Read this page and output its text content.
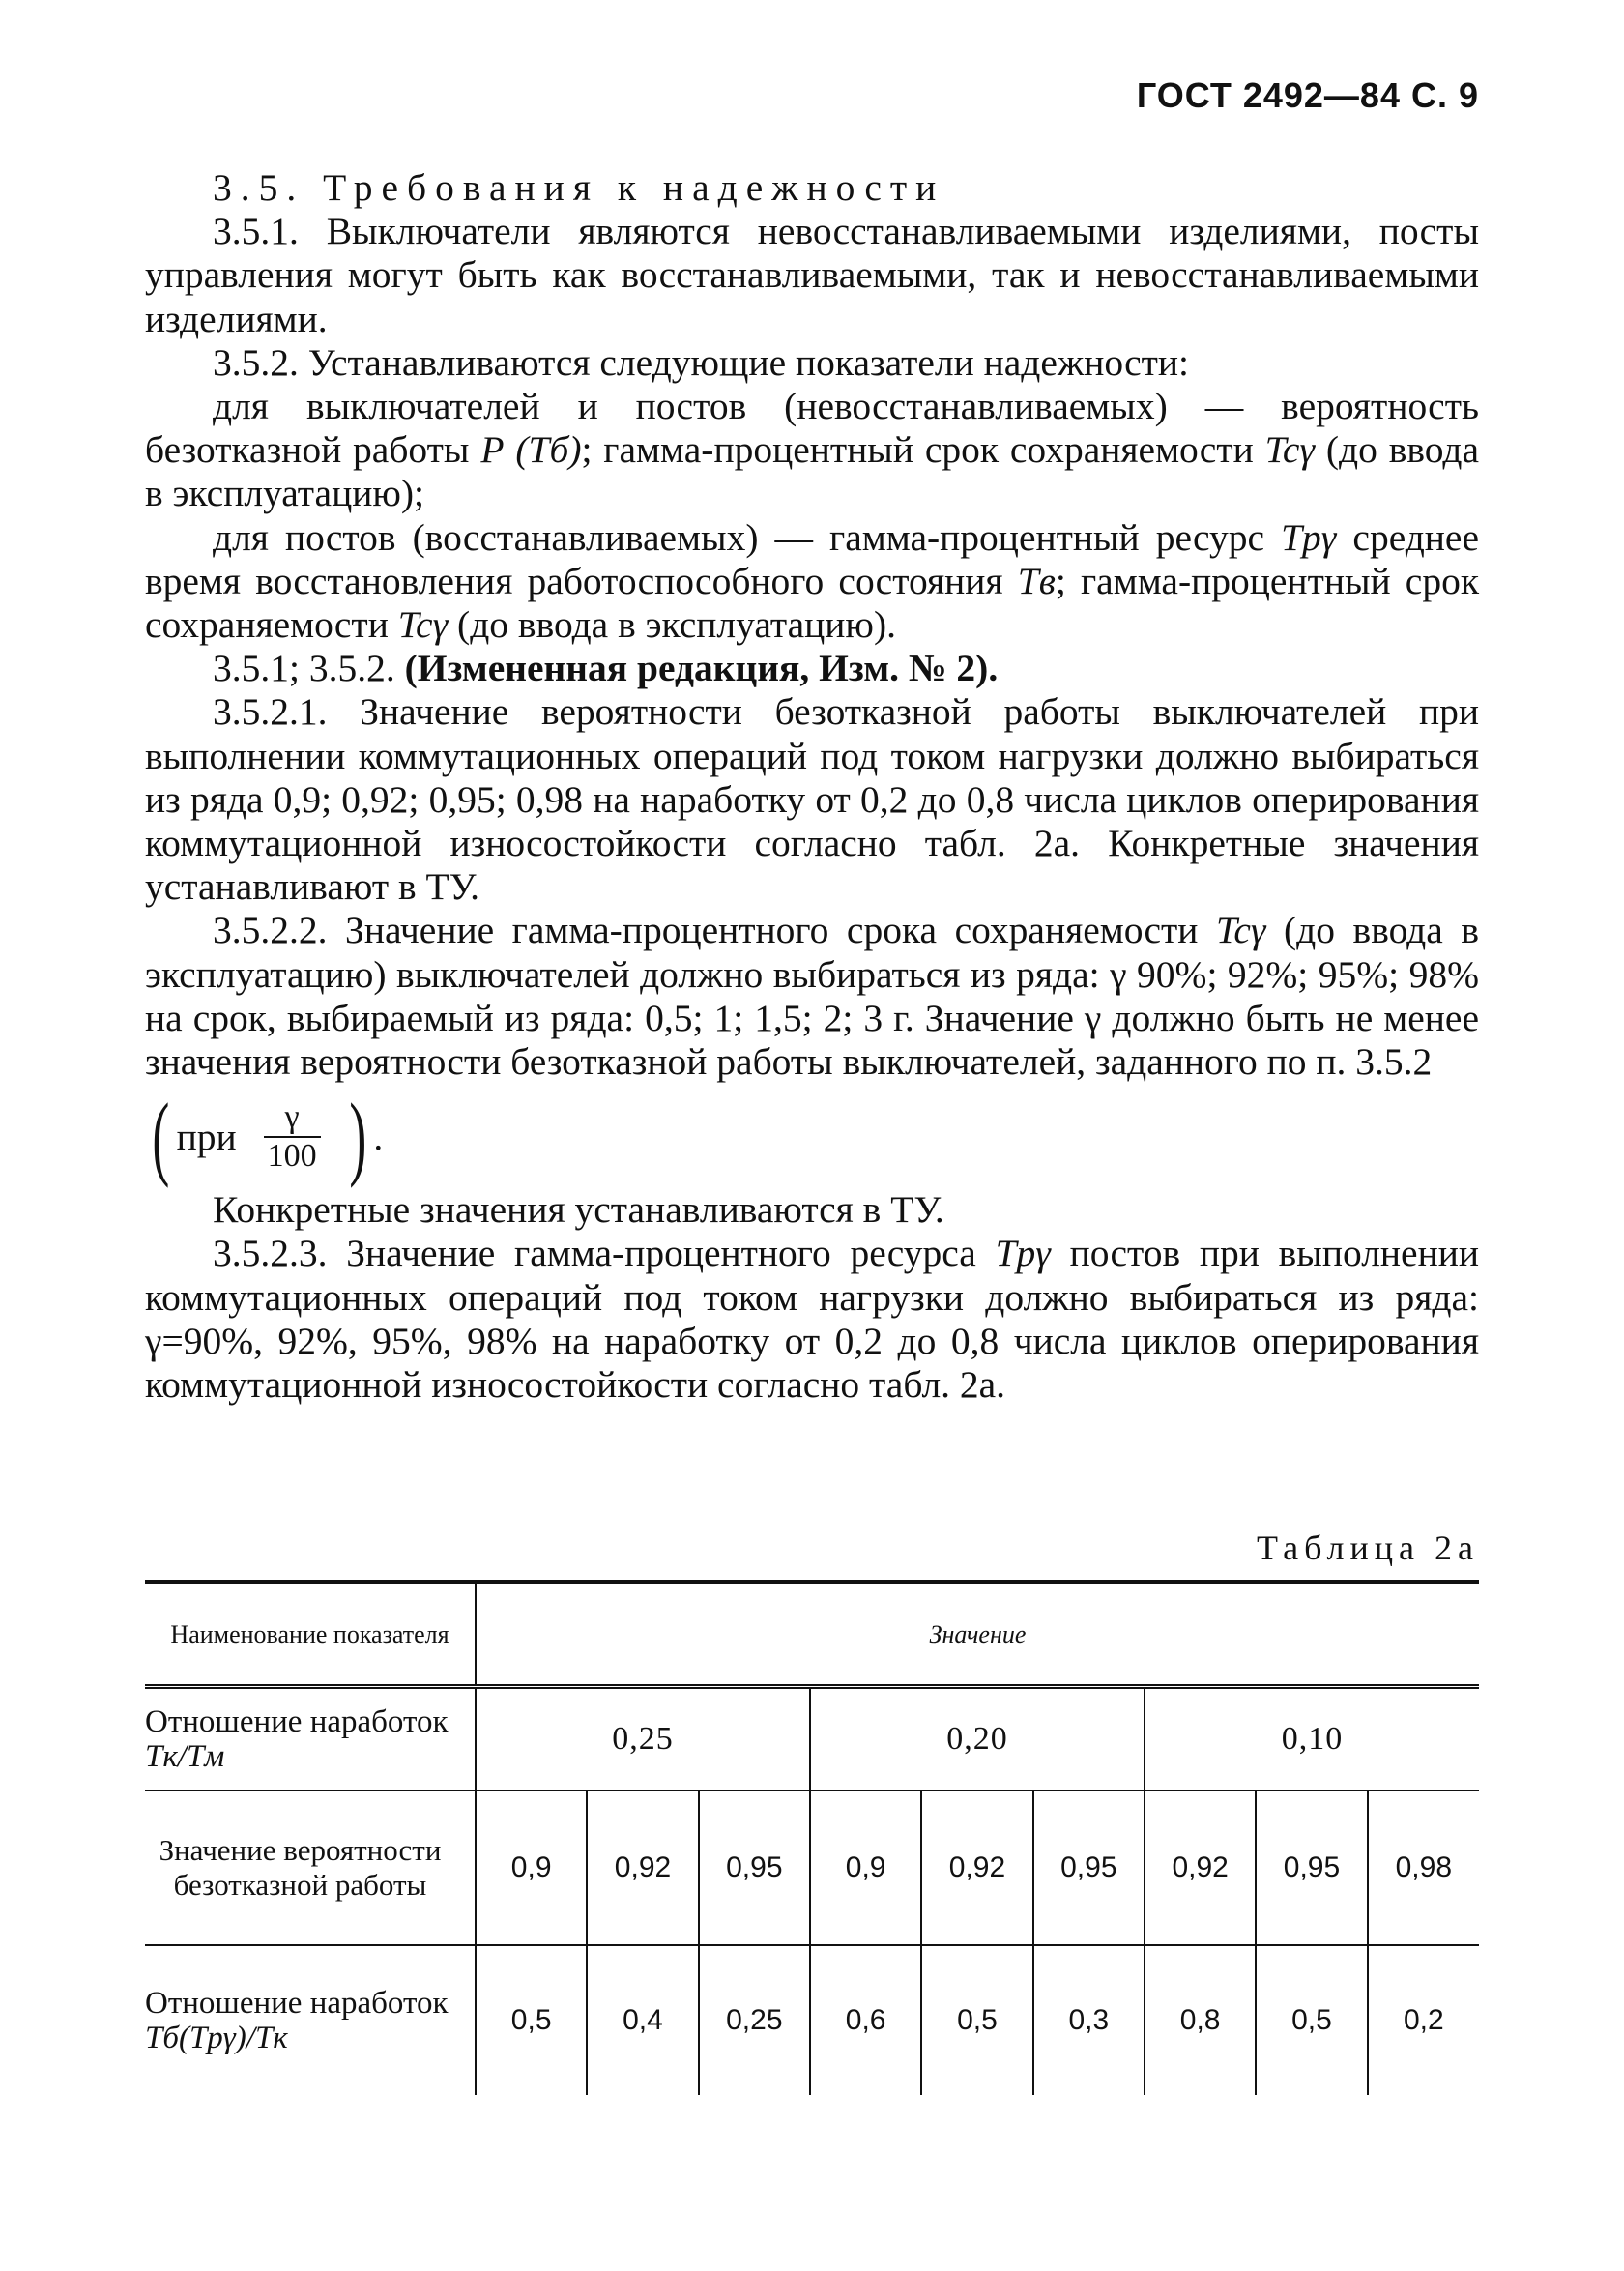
ГОСТ 2492—84 С. 9

3.5. Требования к надежности

3.5.1. Выключатели являются невосстанавливаемыми изделиями, посты управления могут быть как восстанавливаемыми, так и невосстанавливаемыми изделиями.

3.5.2. Устанавливаются следующие показатели надежности:

для выключателей и постов (невосстанавливаемых) — вероятность безотказной работы P (Tб); гамма-процентный срок сохраняемости Tcγ (до ввода в эксплуатацию);

для постов (восстанавливаемых) — гамма-процентный ресурс Tpγ среднее время восстановления работоспособного состояния Tв; гамма-процентный срок сохраняемости Tcγ (до ввода в эксплуатацию).

3.5.1; 3.5.2. (Измененная редакция, Изм. № 2).

3.5.2.1. Значение вероятности безотказной работы выключателей при выполнении коммутационных операций под током нагрузки должно выбираться из ряда 0,9; 0,92; 0,95; 0,98 на наработку от 0,2 до 0,8 числа циклов оперирования коммутационной износостойкости согласно табл. 2а. Конкретные значения устанавливают в ТУ.

3.5.2.2. Значение гамма-процентного срока сохраняемости Tcγ (до ввода в эксплуатацию) выключателей должно выбираться из ряда: γ 90%; 92%; 95%; 98% на срок, выбираемый из ряда: 0,5; 1; 1,5; 2; 3 г. Значение γ должно быть не менее значения вероятности безотказной работы выключателей, заданного по п. 3.5.2

( при $\frac{\gamma}{100}$ ) .

Конкретные значения устанавливаются в ТУ.

3.5.2.3. Значение гамма-процентного ресурса Tpγ постов при выполнении коммутационных операций под током нагрузки должно выбираться из ряда: γ=90%, 92%, 95%, 98% на наработку от 0,2 до 0,8 числа циклов оперирования коммутационной износостойкости согласно табл. 2а.

Таблица 2а
Наименование показателя	Значение								
Отношение наработок Tк/Tм	0,25			0,20			0,10		
Значение вероятности безотказной работы	0,9	0,92	0,95	0,9	0,92	0,95	0,92	0,95	0,98
Отношение наработок Tб(Tpγ)/Tк	0,5	0,4	0,25	0,6	0,5	0,3	0,8	0,5	0,2
